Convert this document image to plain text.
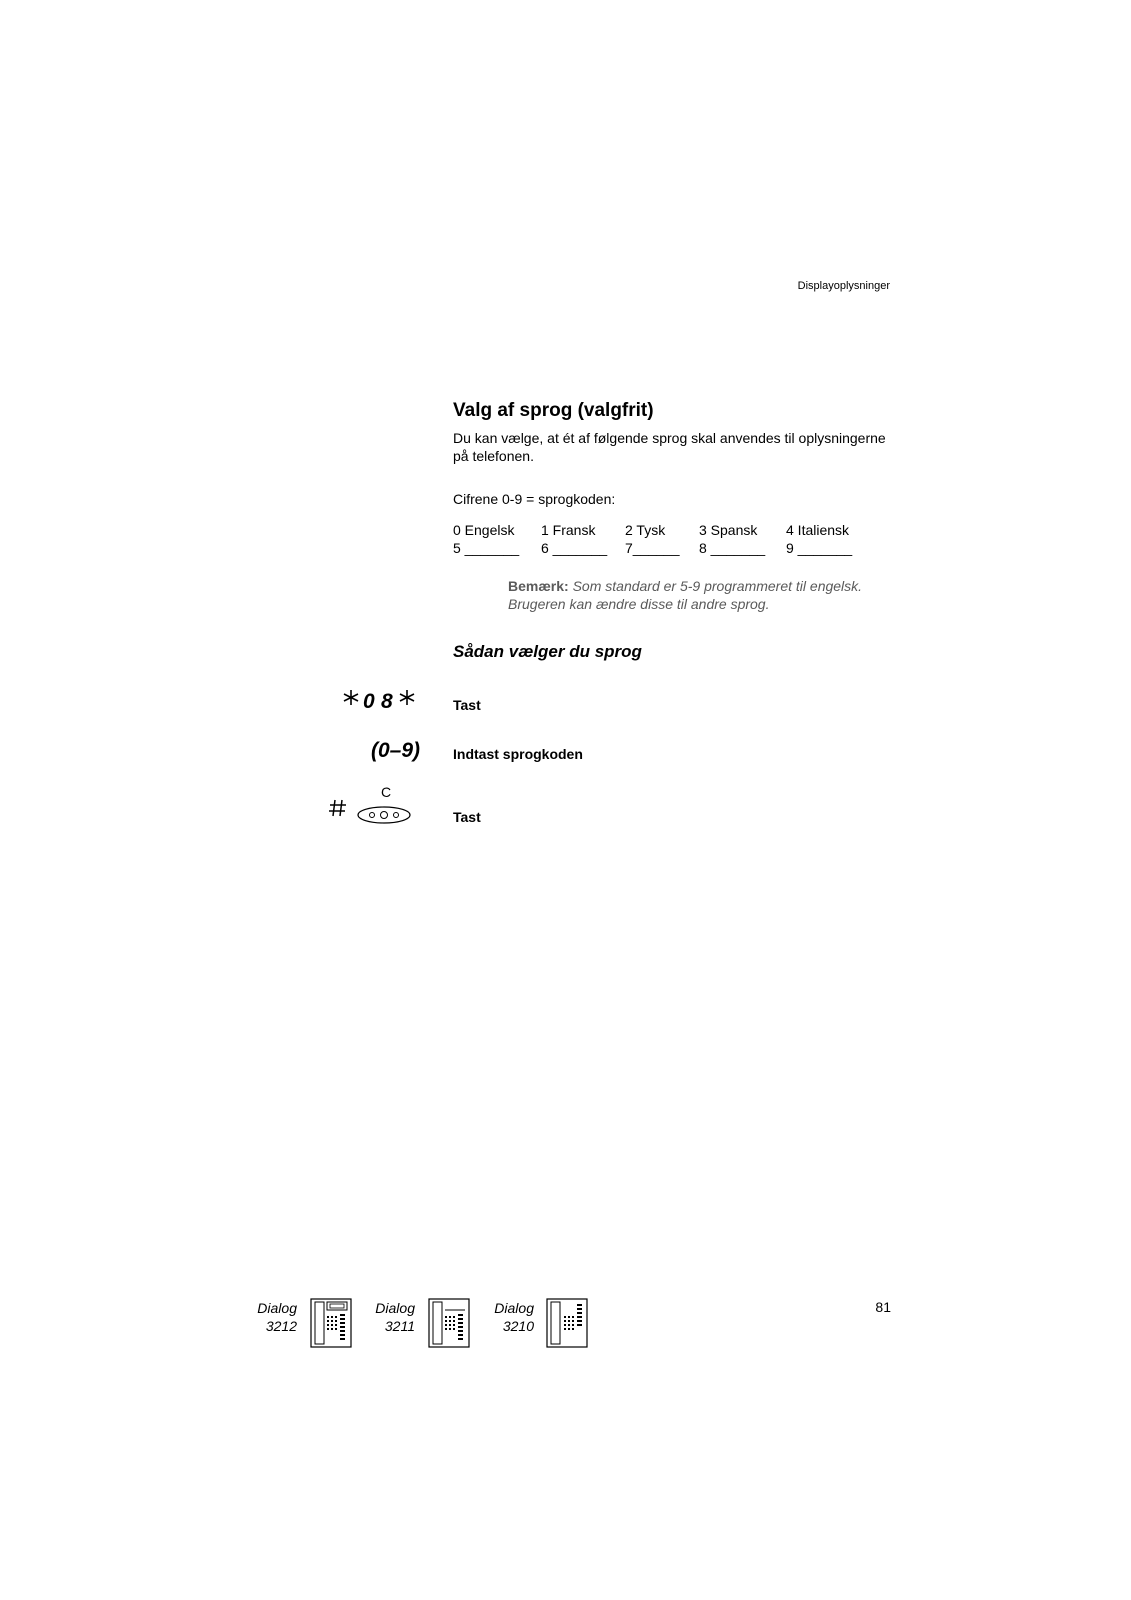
Displayoplysninger
Valg af sprog (valgfrit)

Du kan vælge, at ét af følgende sprog skal anvendes til oplysningerne på telefonen.

Cifrene 0-9 = sprogkoden:

0 Engelsk 1 Fransk 2 Tysk 3 Spansk 4 Italiensk
5 _______ 6 _______ 7______ 8 _______ 9 _______

Bemærk: Som standard er 5-9 programmeret til engelsk.
Brugeren kan ændre disse til andre sprog.

Sådan vælger du sprog
0 8	Tast
(0–9) Indtast sprogkoden
C
Tast
Dialog
3212
Dialog
3211
Dialog
3210
81
